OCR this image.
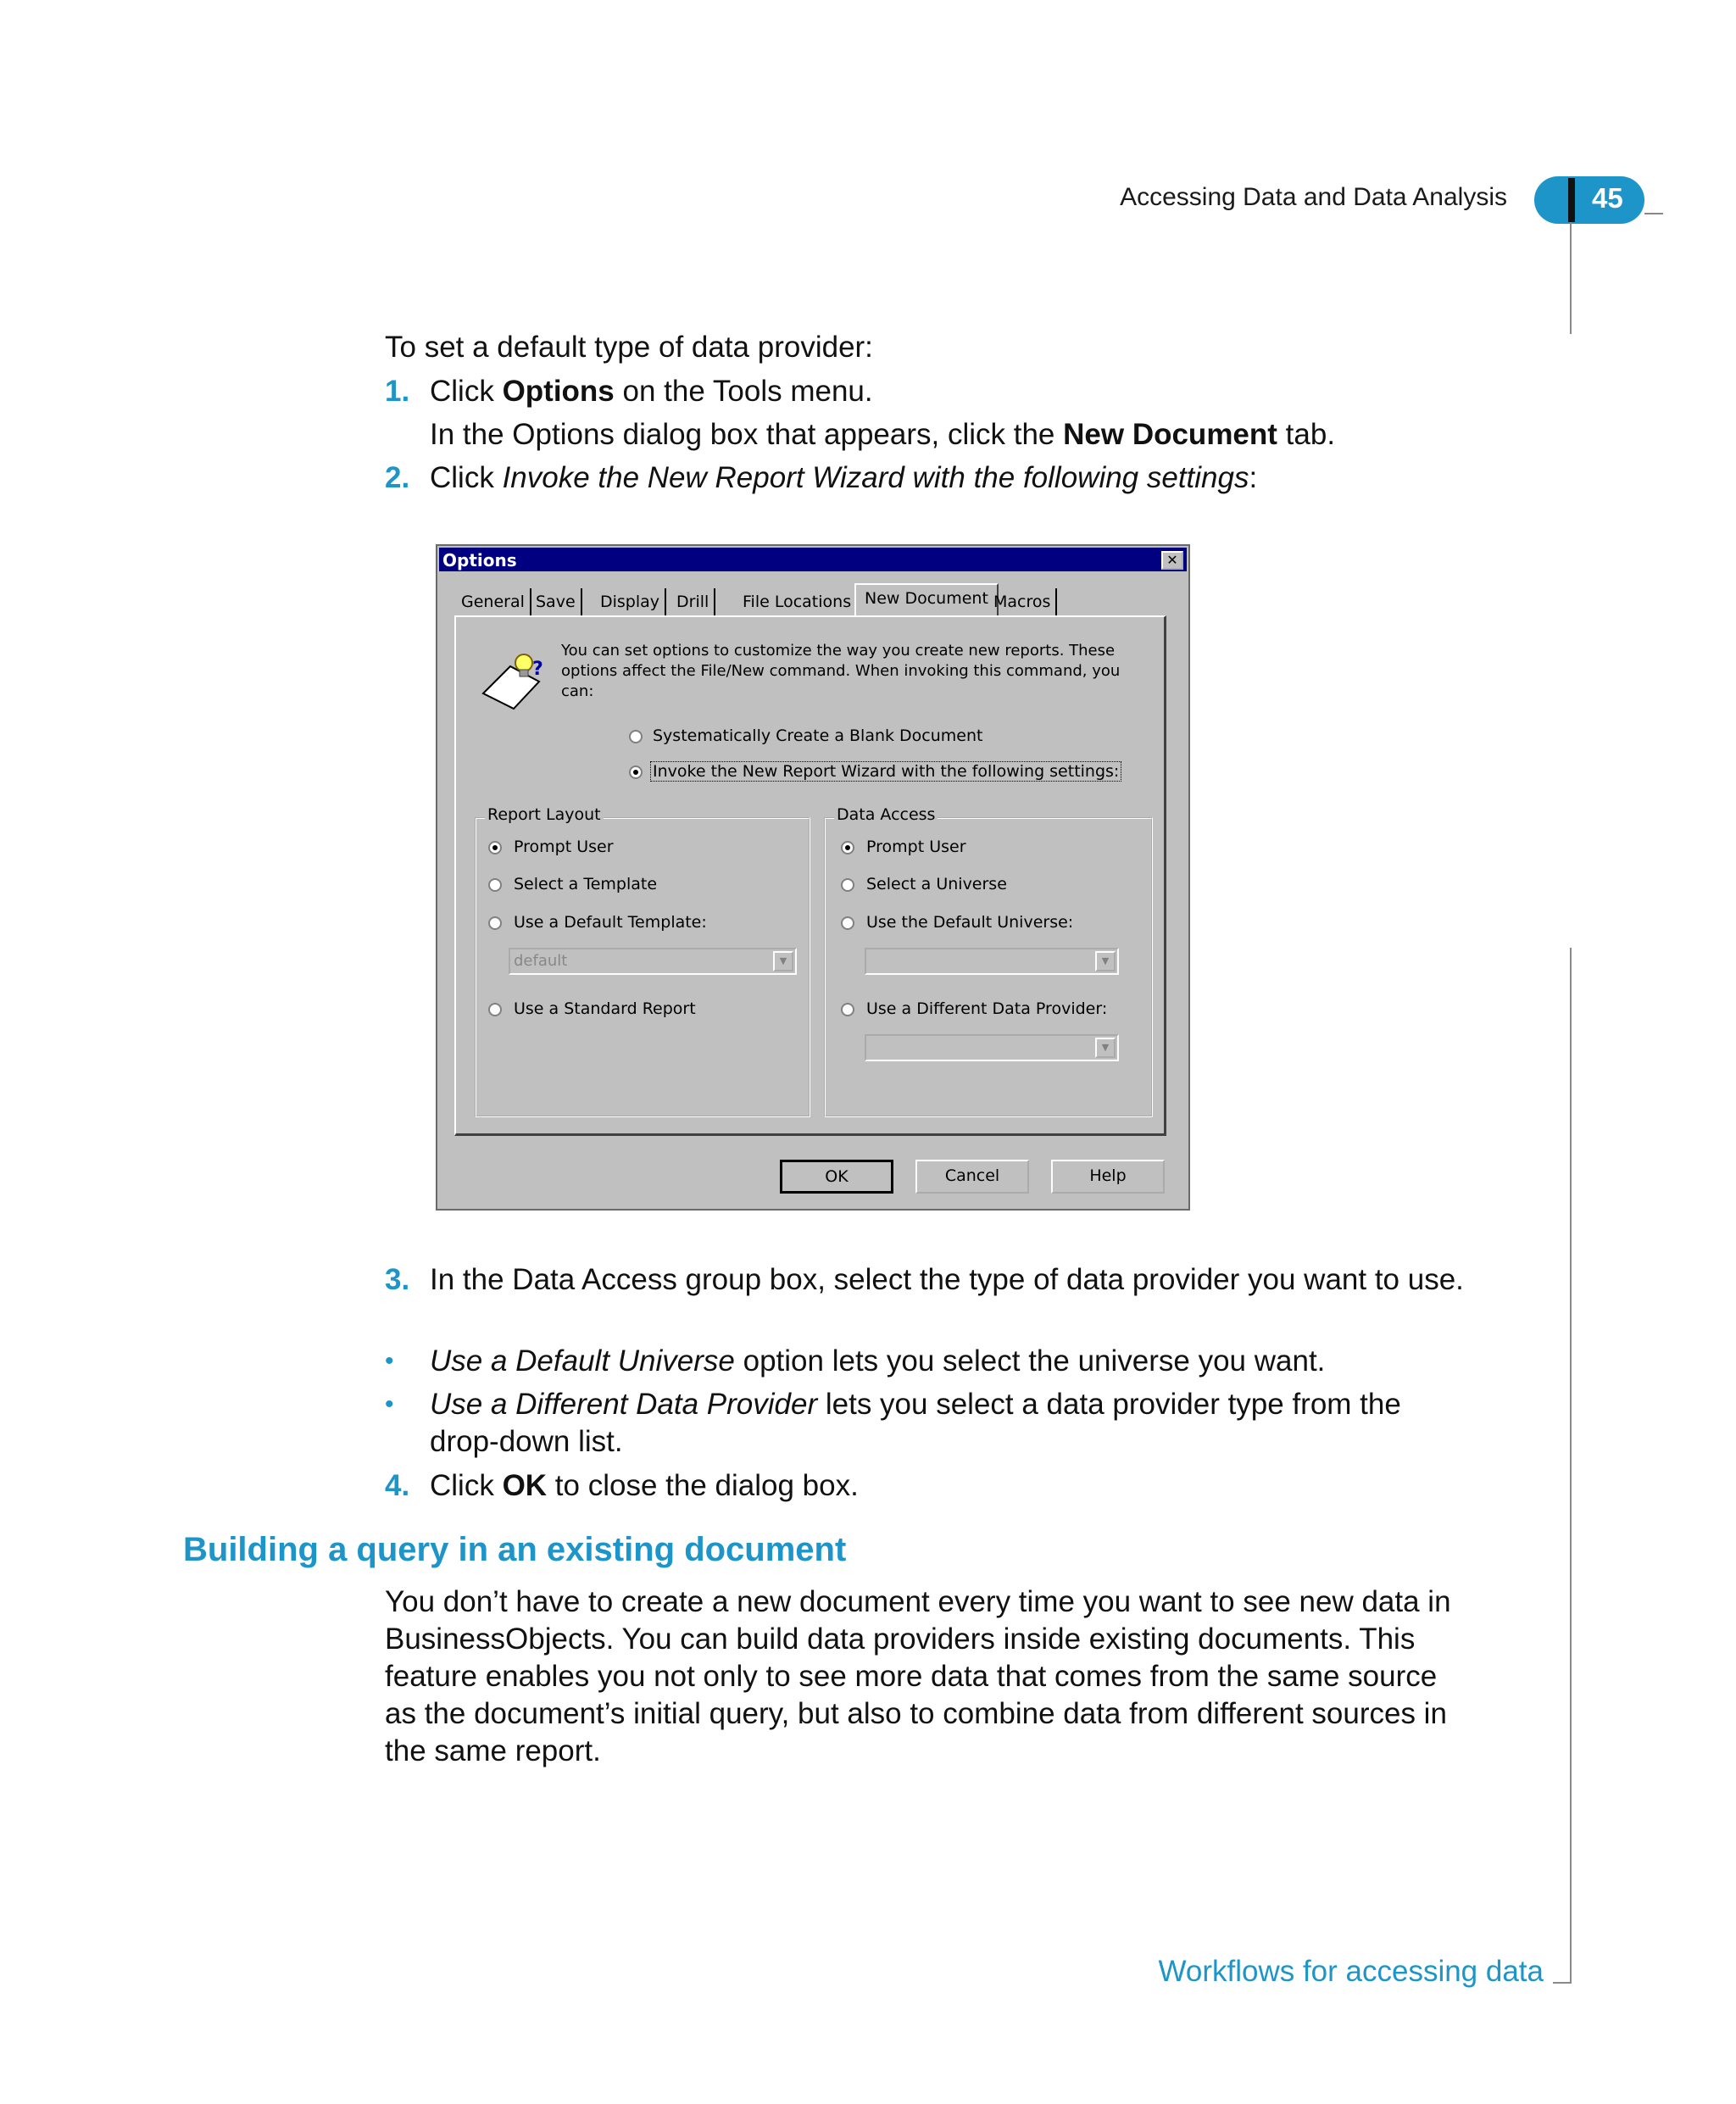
Accessing Data and Data Analysis	45
To set a default type of data provider:
1. Click Options on the Tools menu.
In the Options dialog box that appears, click the New Document tab.
2. Click Invoke the New Report Wizard with the following settings:
Options	✕
General Save	Display	Drill	File Locations New Document Macros
?
You can set options to customize the way you create new reports. These options affect the File/New command. When invoking this command, you can:
Systematically Create a Blank Document
Invoke the New Report Wizard with the following settings:
Report Layout
Prompt User
Select a Template
Use a Default Template:
default	▼
Use a Standard Report
Data Access
Prompt User
Select a Universe
Use the Default Universe:
▼
Use a Different Data Provider:
▼
OK	Cancel	Help
3. In the Data Access group box, select the type of data provider you want to use.
• Use a Default Universe option lets you select the universe you want.
• Use a Different Data Provider lets you select a data provider type from the drop-down list.
4. Click OK to close the dialog box.
Building a query in an existing document
You don’t have to create a new document every time you want to see new data in BusinessObjects. You can build data providers inside existing documents. This feature enables you not only to see more data that comes from the same source as the document’s initial query, but also to combine data from different sources in the same report.
Workflows for accessing data
